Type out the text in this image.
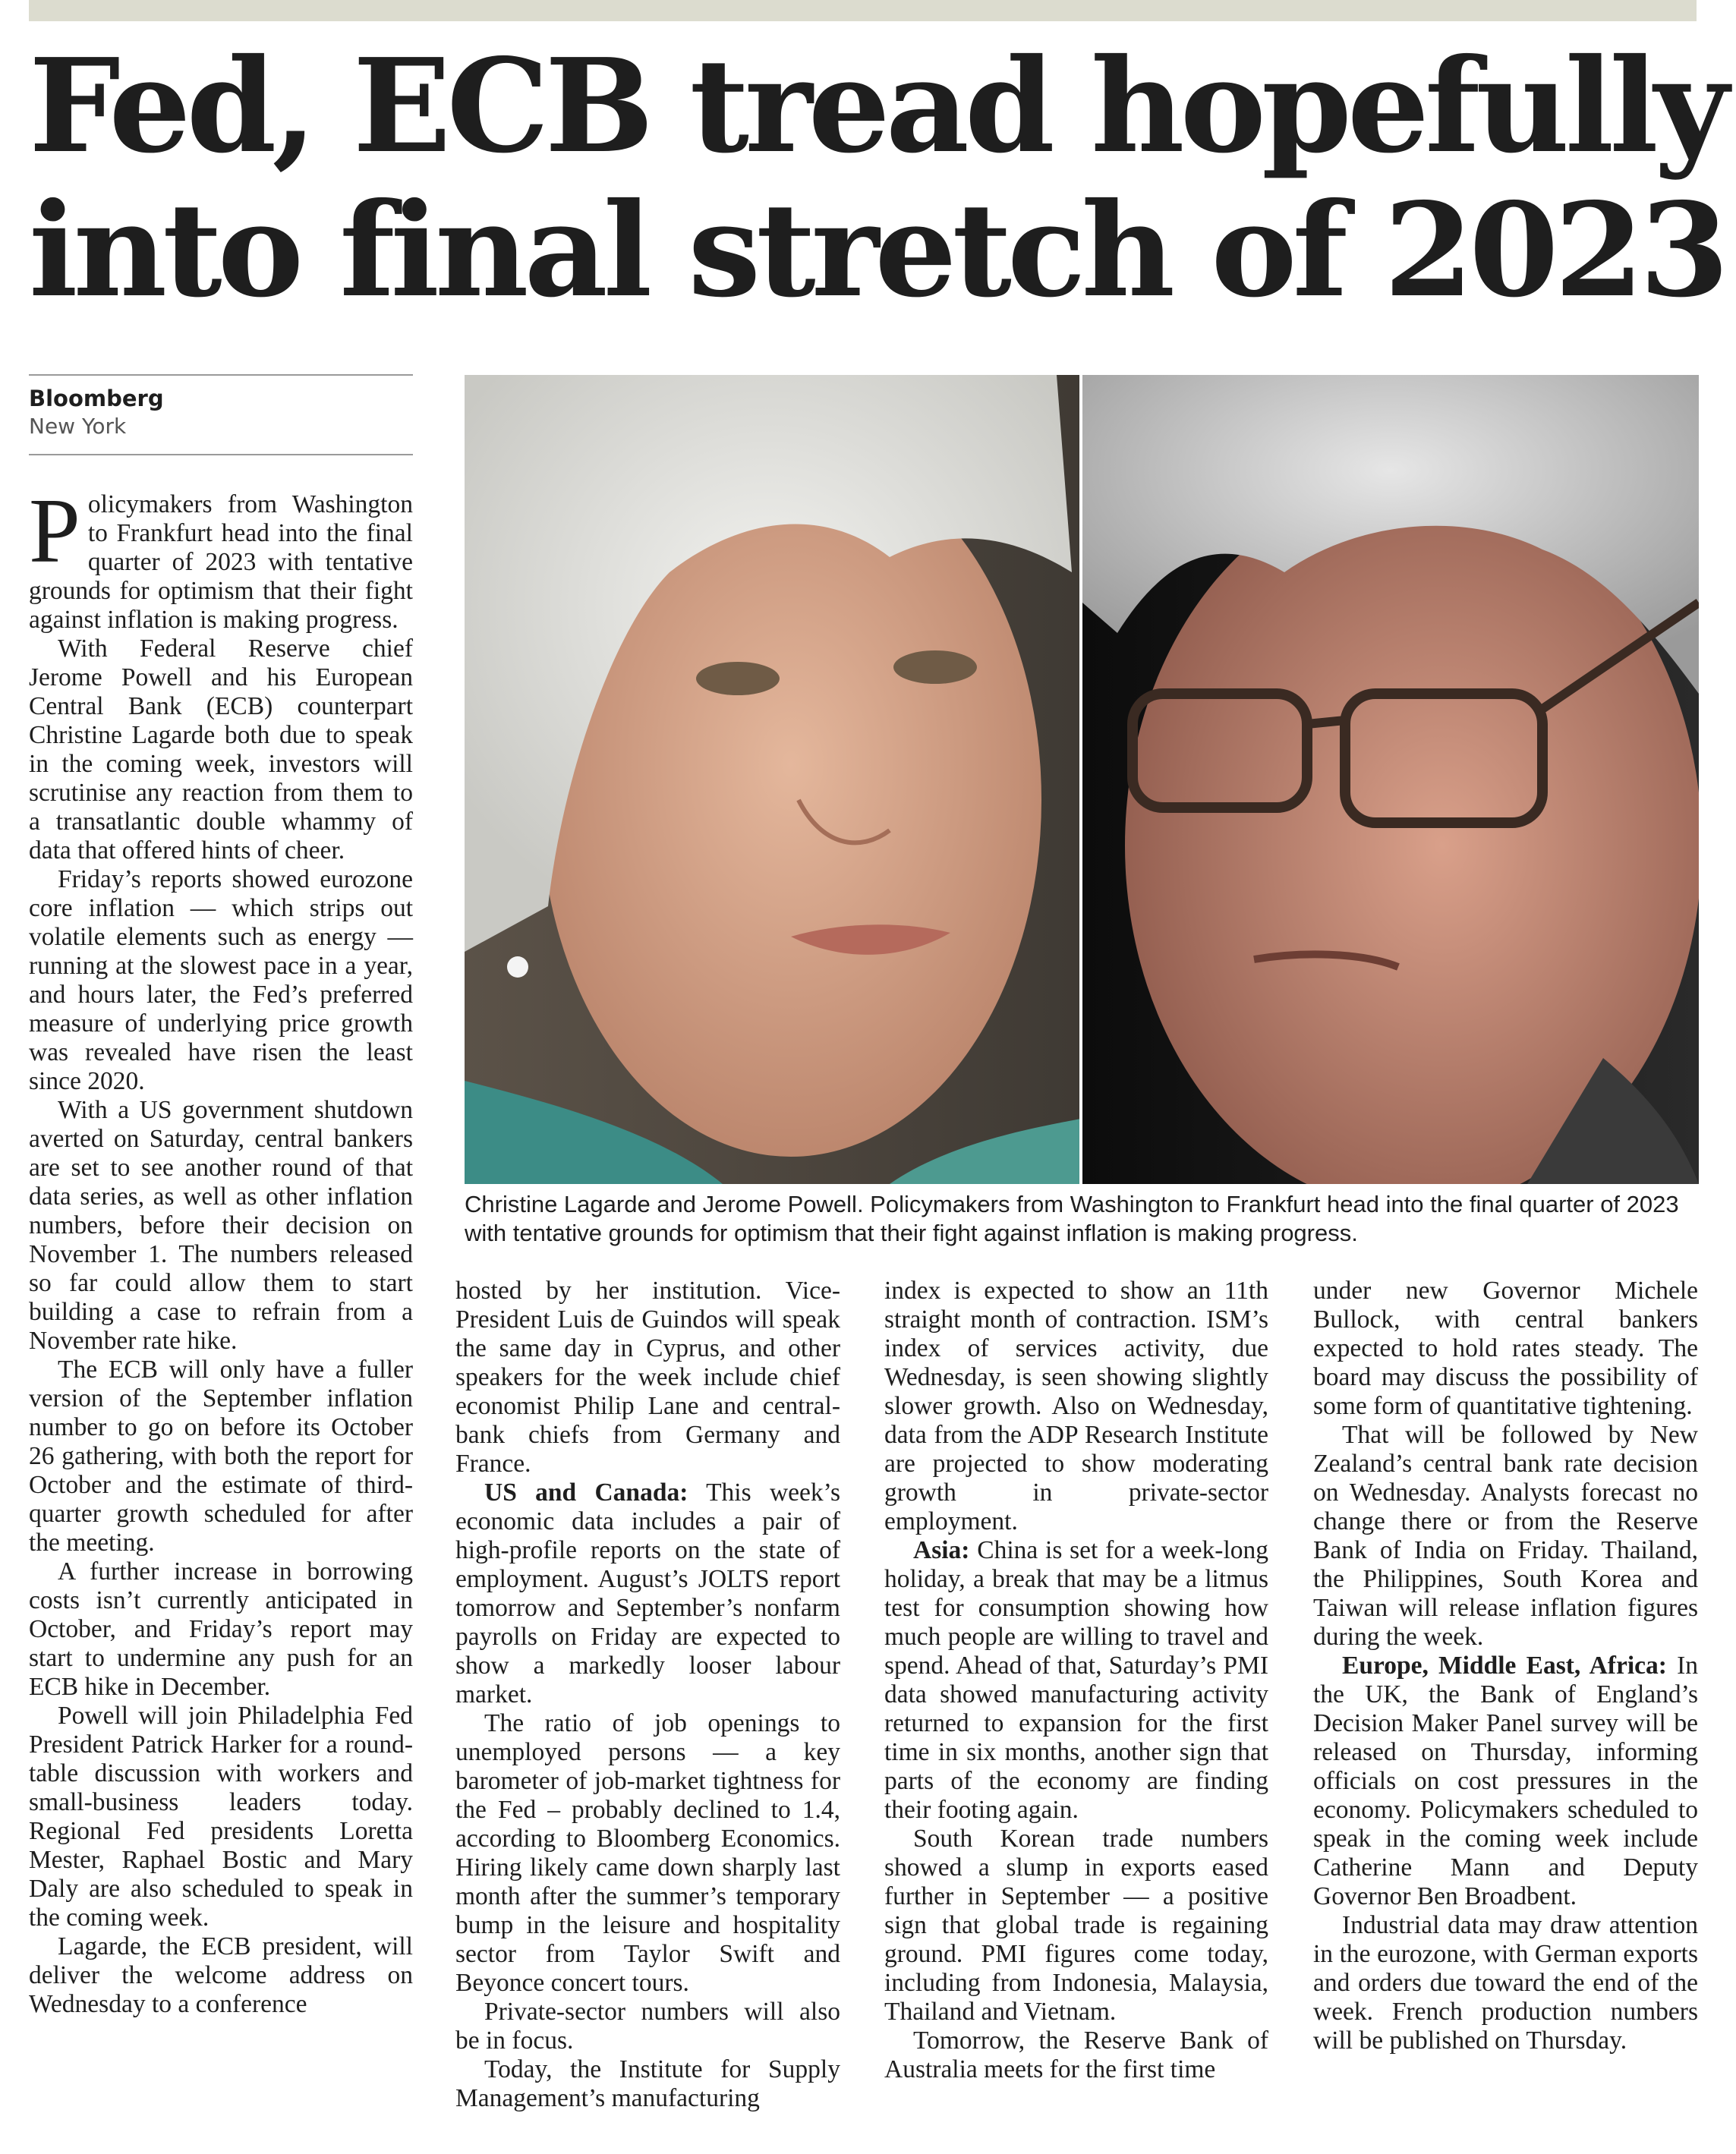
Fed, ECB tread hopefully
into final stretch of 2023
Bloomberg
New York

Christine Lagarde and Jerome Powell. Policymakers from Washington to Frankfurt head into the final quarter of 2023 with tentative grounds for optimism that their fight against inflation is making progress.

Policymakers from Washington to Frankfurt head into the final quarter of 2023 with tentative grounds for optimism that their fight against inflation is making progress.

With Federal Reserve chief Jerome Powell and his European Central Bank (ECB) counterpart Christine Lagarde both due to speak in the coming week, investors will scrutinise any reaction from them to a transatlantic double whammy of data that offered hints of cheer.

Friday’s reports showed eurozone core inflation — which strips out volatile elements such as energy — running at the slowest pace in a year, and hours later, the Fed’s preferred measure of underlying price growth was revealed have risen the least since 2020.

With a US government shutdown averted on Saturday, central bankers are set to see another round of that data series, as well as other inflation numbers, before their decision on November 1. The numbers released so far could allow them to start building a case to refrain from a November rate hike.

The ECB will only have a fuller version of the September inflation number to go on before its October 26 gathering, with both the report for October and the estimate of third-quarter growth scheduled for after the meeting.

A further increase in borrowing costs isn’t currently anticipated in October, and Friday’s report may start to undermine any push for an ECB hike in December.

Powell will join Philadelphia Fed President Patrick Harker for a round-table discussion with workers and small-business leaders today. Regional Fed presidents Loretta Mester, Raphael Bostic and Mary Daly are also scheduled to speak in the coming week.

Lagarde, the ECB president, will deliver the welcome address on Wednesday to a conference

hosted by her institution. Vice-President Luis de Guindos will speak the same day in Cyprus, and other speakers for the week include chief economist Philip Lane and central-bank chiefs from Germany and France.

US and Canada: This week’s economic data includes a pair of high-profile reports on the state of employment. August’s JOLTS report tomorrow and September’s nonfarm payrolls on Friday are expected to show a markedly looser labour market.

The ratio of job openings to unemployed persons — a key barometer of job-market tightness for the Fed – probably declined to 1.4, according to Bloomberg Economics. Hiring likely came down sharply last month after the summer’s temporary bump in the leisure and hospitality sector from Taylor Swift and Beyonce concert tours.

Private-sector numbers will also be in focus.

Today, the Institute for Supply Management’s manufacturing

index is expected to show an 11th straight month of contraction. ISM’s index of services activity, due Wednesday, is seen showing slightly slower growth. Also on Wednesday, data from the ADP Research Institute are projected to show moderating growth in private-sector employment.

Asia: China is set for a week-long holiday, a break that may be a litmus test for consumption showing how much people are willing to travel and spend. Ahead of that, Saturday’s PMI data showed manufacturing activity returned to expansion for the first time in six months, another sign that parts of the economy are finding their footing again.

South Korean trade numbers showed a slump in exports eased further in September — a positive sign that global trade is regaining ground. PMI figures come today, including from Indonesia, Malaysia, Thailand and Vietnam.

Tomorrow, the Reserve Bank of Australia meets for the first time

under new Governor Michele Bullock, with central bankers expected to hold rates steady. The board may discuss the possibility of some form of quantitative tightening.

That will be followed by New Zealand’s central bank rate decision on Wednesday. Analysts forecast no change there or from the Reserve Bank of India on Friday. Thailand, the Philippines, South Korea and Taiwan will release inflation figures during the week.

Europe, Middle East, Africa: In the UK, the Bank of England’s Decision Maker Panel survey will be released on Thursday, informing officials on cost pressures in the economy. Policymakers scheduled to speak in the coming week include Catherine Mann and Deputy Governor Ben Broadbent.

Industrial data may draw attention in the eurozone, with German exports and orders due toward the end of the week. French production numbers will be published on Thursday.
